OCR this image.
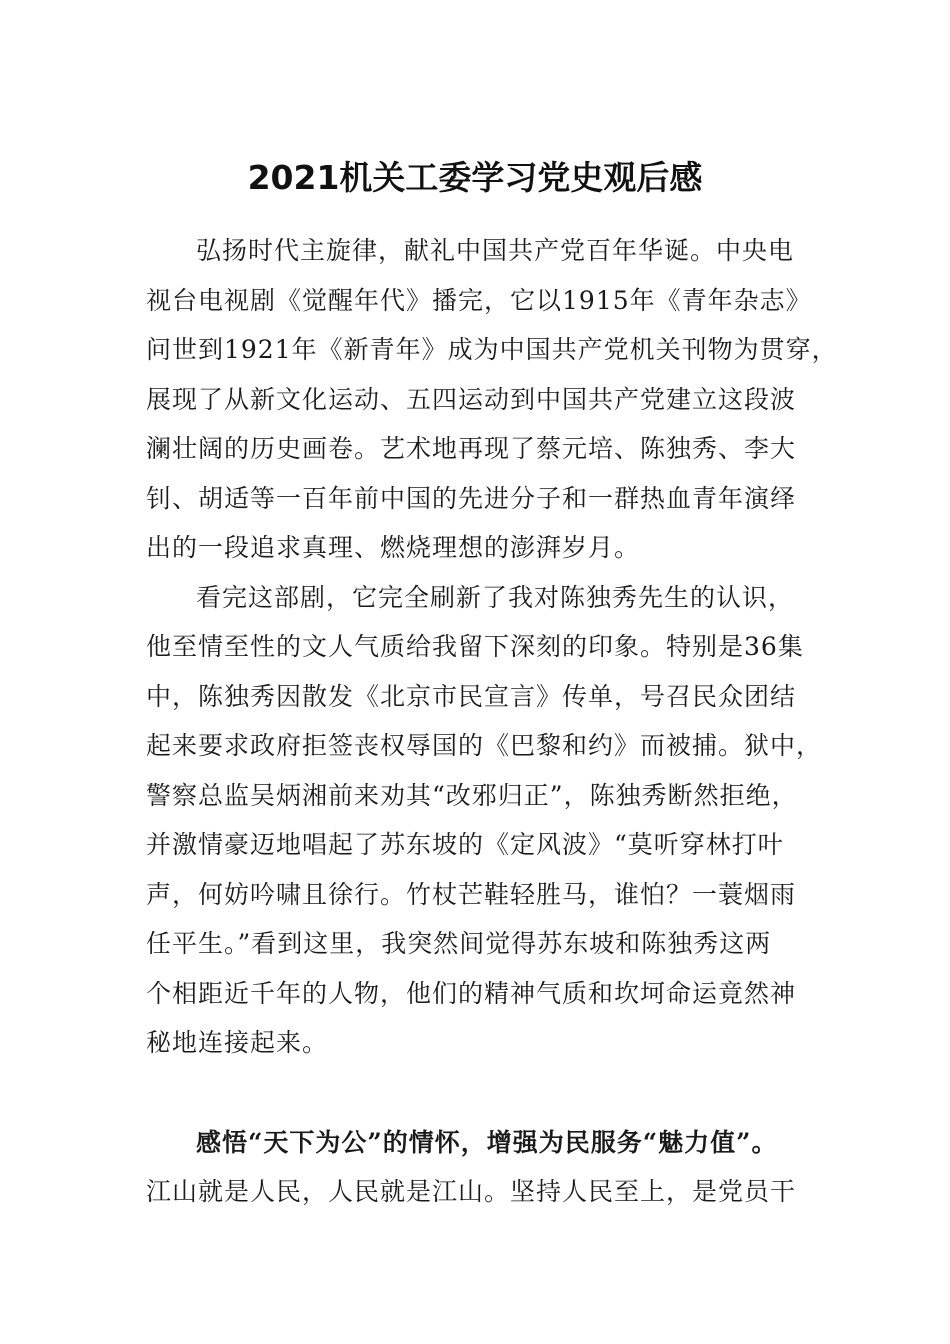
2021机关工委学习党史观后感
弘扬时代主旋律，献礼中国共产党百年华诞。中央电
视台电视剧《觉醒年代》播完，它以1915年《青年杂志》
问世到1921年《新青年》成为中国共产党机关刊物为贯穿，
展现了从新文化运动、五四运动到中国共产党建立这段波
澜壮阔的历史画卷。艺术地再现了蔡元培、陈独秀、李大
钊、胡适等一百年前中国的先进分子和一群热血青年演绎
出的一段追求真理、燃烧理想的澎湃岁月。
看完这部剧，它完全刷新了我对陈独秀先生的认识，
他至情至性的文人气质给我留下深刻的印象。特别是36集
中，陈独秀因散发《北京市民宣言》传单，号召民众团结
起来要求政府拒签丧权辱国的《巴黎和约》而被捕。狱中，
警察总监吴炳湘前来劝其“改邪归正”，陈独秀断然拒绝，
并激情豪迈地唱起了苏东坡的《定风波》“莫听穿林打叶
声，何妨吟啸且徐行。竹杖芒鞋轻胜马，谁怕？一蓑烟雨
任平生。”看到这里，我突然间觉得苏东坡和陈独秀这两
个相距近千年的人物，他们的精神气质和坎坷命运竟然神
秘地连接起来。
感悟“天下为公”的情怀，增强为民服务“魅力值”。
江山就是人民，人民就是江山。坚持人民至上，是党员干
